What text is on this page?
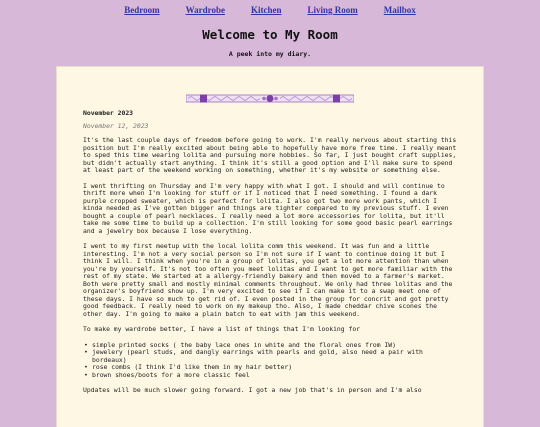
Bedroom	Wardrobe	Kitchen	Living Room	Mailbox
Welcome to My Room
A peek into my diary.
November 2023
November 12, 2023

It's the last couple days of freedom before going to work. I'm really nervous about starting this position but I'm really excited about being able to hopefully have more free time. I really meant to sped this time wearing lolita and pursuing more hobbies. So far, I just bought craft supplies, but didn't actually start anything. I think it's still a good option and I'll make sure to spend at least part of the weekend working on something, whether it's my website or something else.

I went thrifting on Thursday and I'm very happy with what I got. I should and will continue to thrift more when I'm looking for stuff or if I noticed that I need something. I found a dark purple cropped sweater, which is perfect for lolita. I also got two more work pants, which I kinda needed as I've gotten bigger and things are tighter compared to my previous stuff. I even bought a couple of pearl necklaces. I really need a lot more accessories for lolita, but it'll take me some time to build up a collection. I'm still looking for some good basic pearl earrings and a jewelry box because I lose everything.

I went to my first meetup with the local lolita comm this weekend. It was fun and a little interesting. I'm not a very social person so I'm not sure if I want to continue doing it but I think I will. I think when you're in a group of lolitas, you get a lot more attention than when you're by yourself. It's not too often you meet lolitas and I want to get more familiar with the rest of my state. We started at a allergy-friendly bakery and then moved to a farmer's market. Both were pretty small and mostly minimal comments throughout. We only had three lolitas and the organizer's boyfriend show up. I'm very excited to see if I can make it to a swap meet one of these days. I have so much to get rid of. I even posted in the group for concrit and got pretty good feedback. I really need to work on my makeup tho. Also, I made cheddar chive scones the other day. I'm going to make a plain batch to eat with jam this weekend.

To make my wardrobe better, I have a list of things that I'm looking for

• simple printed socks ( the baby lace ones in white and the floral ones from IW)
• jewelery (pearl studs, and dangly earrings with pearls and gold, also need a pair with bordeaux)
• rose combs (I think I'd like them in my hair better)
• brown shoes/boots for a more classic feel

Updates will be much slower going forward. I got a new job that's in person and I'm also
